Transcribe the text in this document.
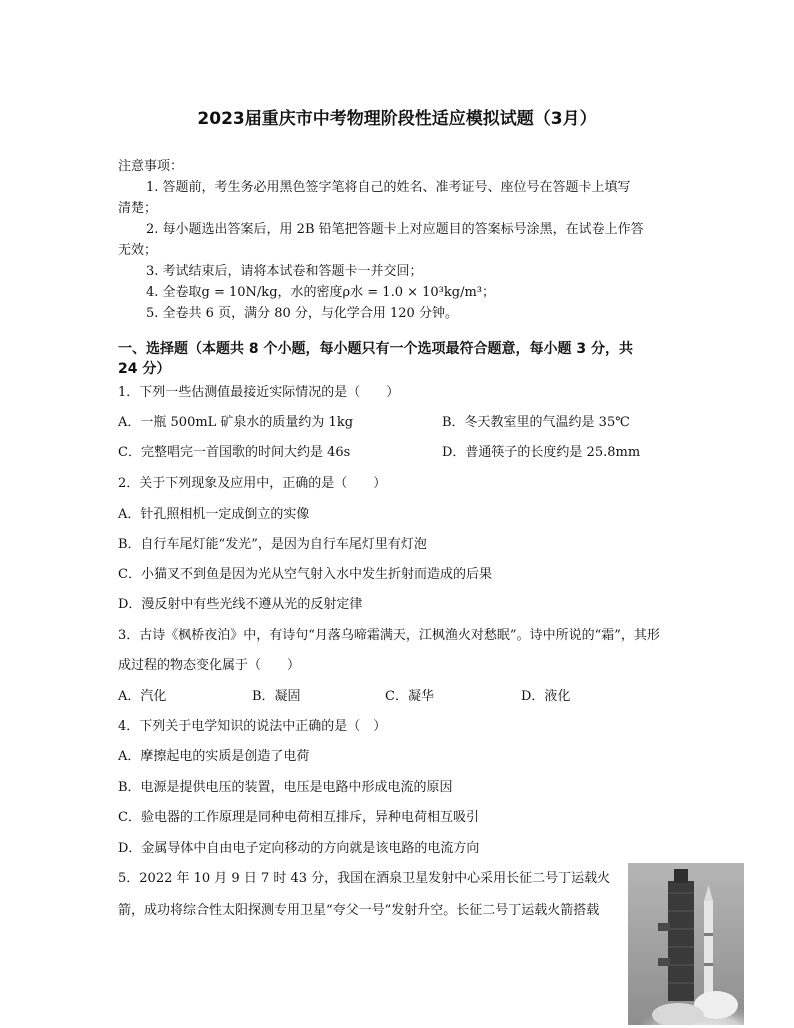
2023届重庆市中考物理阶段性适应模拟试题（3月）
注意事项：
1. 答题前，考生务必用黑色签字笔将自己的姓名、准考证号、座位号在答题卡上填写
清楚；
2. 每小题选出答案后，用 2B 铅笔把答题卡上对应题目的答案标号涂黑，在试卷上作答
无效；
3. 考试结束后，请将本试卷和答题卡一并交回；
4. 全卷取g = 10N/kg，水的密度ρ水 = 1.0 × 10³kg/m³；
5. 全卷共 6 页，满分 80 分，与化学合用 120 分钟。
一、选择题（本题共 8 个小题，每小题只有一个选项最符合题意，每小题 3 分，共
24 分）
1．下列一些估测值最接近实际情况的是（　　）
A．一瓶 500mL 矿泉水的质量约为 1kg	B．冬天教室里的气温约是 35℃
C．完整唱完一首国歌的时间大约是 46s	D．普通筷子的长度约是 25.8mm
2．关于下列现象及应用中，正确的是（　　）
A．针孔照相机一定成倒立的实像
B．自行车尾灯能“发光”，是因为自行车尾灯里有灯泡
C．小猫叉不到鱼是因为光从空气射入水中发生折射而造成的后果
D．漫反射中有些光线不遵从光的反射定律
3．古诗《枫桥夜泊》中，有诗句“月落乌啼霜满天，江枫渔火对愁眠”。诗中所说的“霜”，其形
成过程的物态变化属于（　　）
A．汽化	B．凝固	C．凝华	D．液化
4．下列关于电学知识的说法中正确的是（　）
A．摩擦起电的实质是创造了电荷
B．电源是提供电压的装置，电压是电路中形成电流的原因
C．验电器的工作原理是同种电荷相互排斥，异种电荷相互吸引
D．金属导体中自由电子定向移动的方向就是该电路的电流方向
5．2022 年 10 月 9 日 7 时 43 分，我国在酒泉卫星发射中心采用长征二号丁运载火
箭，成功将综合性太阳探测专用卫星“夸父一号”发射升空。长征二号丁运载火箭搭载
